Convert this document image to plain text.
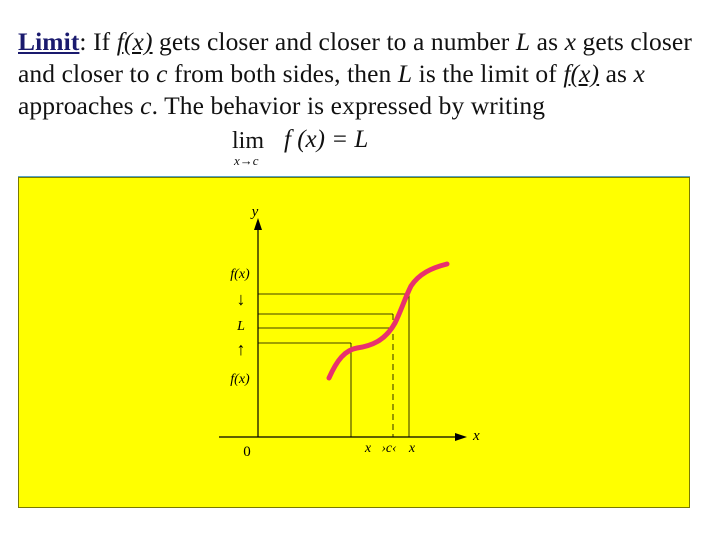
Limit: If f(x) gets closer and closer to a number L as x gets closer and closer to c from both sides, then L is the limit of f(x) as x approaches c. The behavior is expressed by writing
lim
x→c
f (x) = L
y
x
0
f(x)
↓
L
↑
f(x)
x ›c‹ x
